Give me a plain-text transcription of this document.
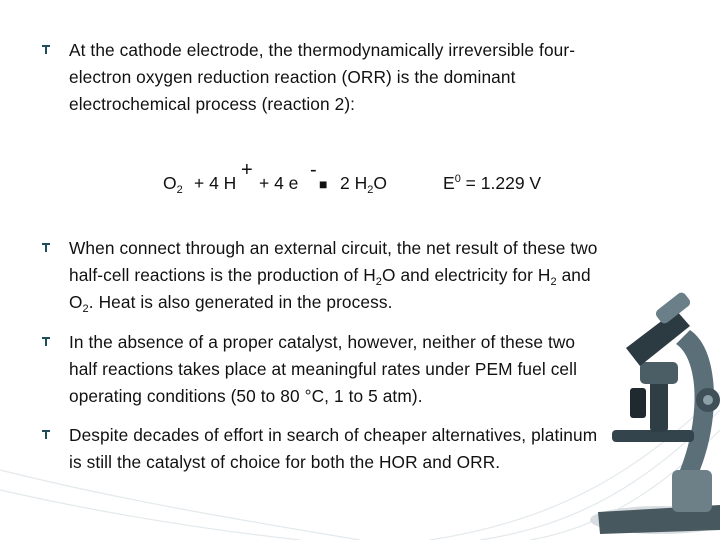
At the cathode electrode, the thermodynamically irreversible four-
electron oxygen reduction reaction (ORR) is the dominant
electrochemical process (reaction 2):
$O_2 + 4$ H
+
+ 4 e
-
■ 2 $H_2O$	$E^0 = 1.229$ V
When connect through an external circuit, the net result of these two
half-cell reactions is the production of $H_2O$ and electricity for $H_2$ and
$O_2$. Heat is also generated in the process.
In the absence of a proper catalyst, however, neither of these two
half reactions takes place at meaningful rates under PEM fuel cell
operating conditions (50 to 80 °C, 1 to 5 atm).
Despite decades of effort in search of cheaper alternatives, platinum
is still the catalyst of choice for both the HOR and ORR.
